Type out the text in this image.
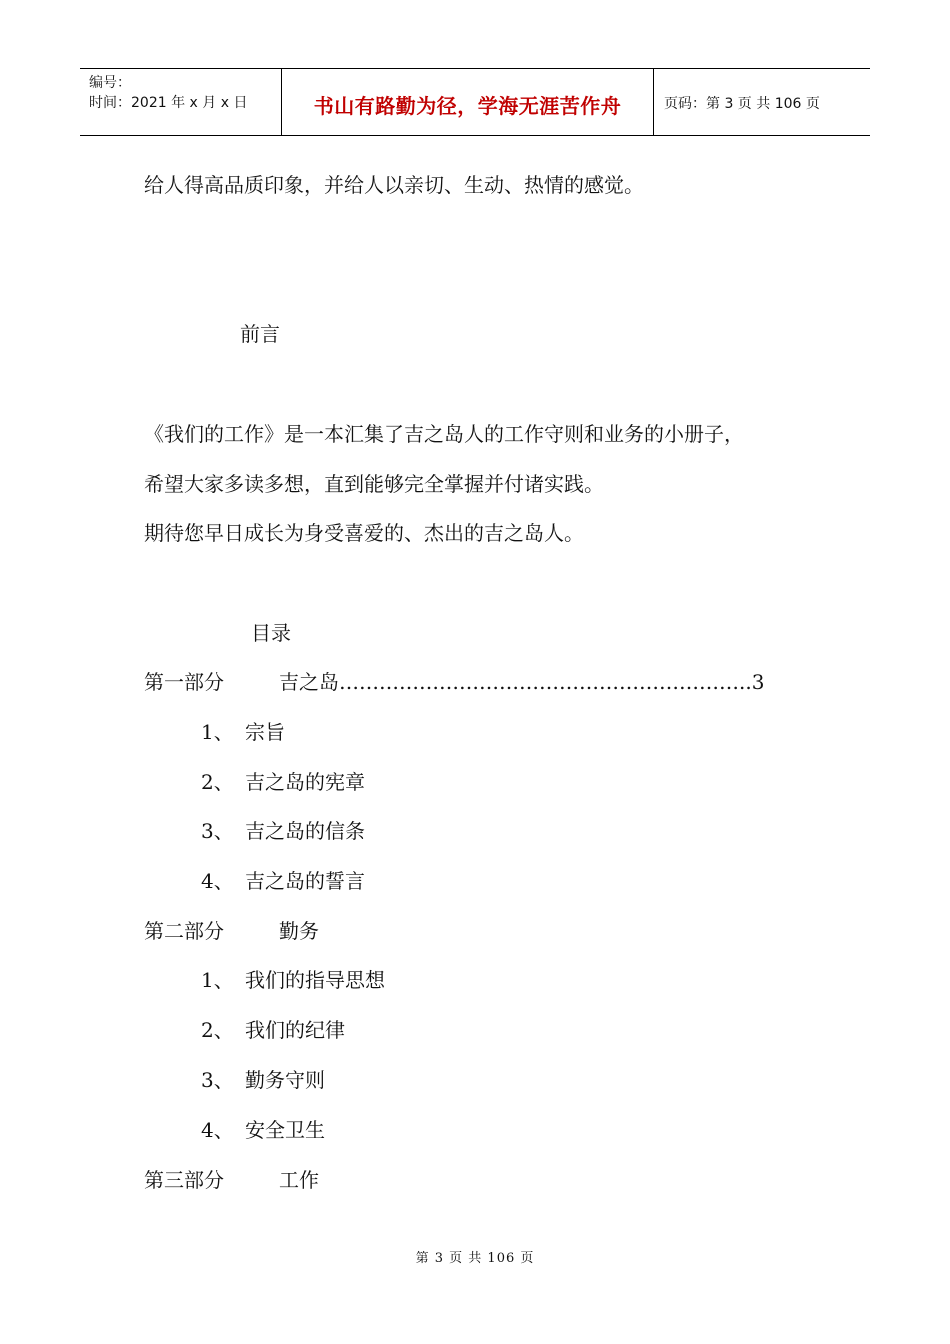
编号：
时间：2021 年 x 月 x 日	书山有路勤为径，学海无涯苦作舟	页码：第 3 页 共 106 页
给人得高品质印象，并给人以亲切、生动、热情的感觉。
前言
《我们的工作》是一本汇集了吉之岛人的工作守则和业务的小册子，
希望大家多读多想，直到能够完全掌握并付诸实践。
期待您早日成长为身受喜爱的、杰出的吉之岛人。
目录
第一部分	吉之岛……………………………………………………..3
1、 宗旨
2、 吉之岛的宪章
3、 吉之岛的信条
4、 吉之岛的誓言
第二部分	勤务
1、 我们的指导思想
2、 我们的纪律
3、 勤务守则
4、 安全卫生
第三部分	工作
第 3 页 共 106 页
